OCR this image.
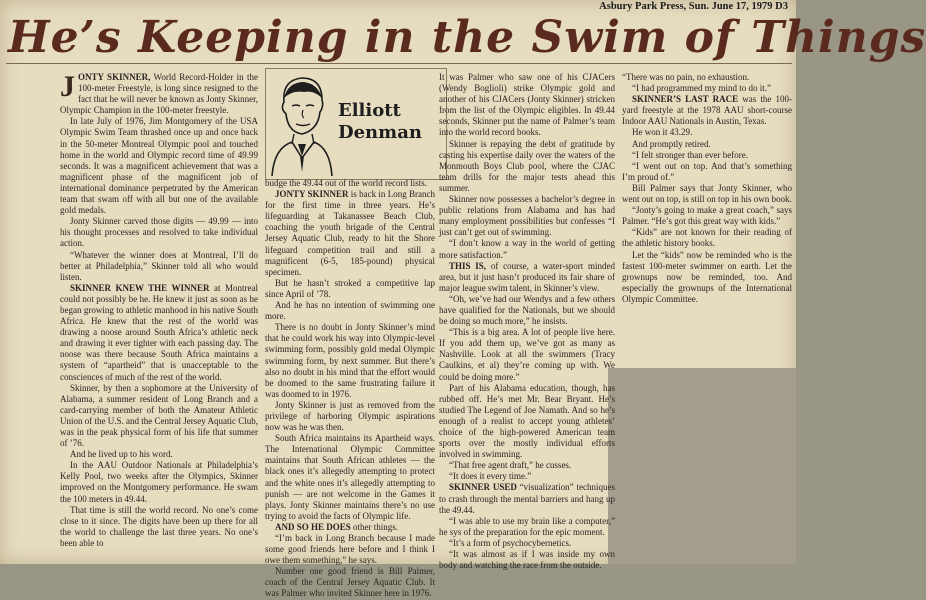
Asbury Park Press, Sun. June 17, 1979 D3
He’s Keeping in the Swim of Things

JONTY SKINNER, World Record-Holder in the 100-meter Freestyle, is long since resigned to the fact that he will never be known as Jonty Skinner, Olympic Champion in the 100-meter freestyle.

In late July of 1976, Jim Montgomery of the USA Olympic Swim Team thrashed once up and once back in the 50-meter Montreal Olympic pool and touched home in the world and Olympic record time of 49.99 seconds. It was a magnificent achievement that was a magnificent phase of the magnificent job of international dominance perpetrated by the American team that swam off with all but one of the available gold medals.

Jonty Skinner carved those digits — 49.99 — into his thought processes and resolved to take individual action.

“Whatever the winner does at Montreal, I’ll do better at Philadelphia,” Skinner told all who would listen.

SKINNER KNEW THE WINNER at Montreal could not possibly be he. He knew it just as soon as he began growing to athletic manhood in his native South Africa. He knew that the rest of the world was drawing a noose around South Africa’s athletic neck and drawing it ever tighter with each passing day. The noose was there because South Africa maintains a system of “apartheid” that is unacceptable to the consciences of much of the rest of the world.

Skinner, by then a sophomore at the University of Alabama, a summer resident of Long Branch and a card-carrying member of both the Amateur Athletic Union of the U.S. and the Central Jersey Aquatic Club, was in the peak physical form of his life that summer of ’76.

And he lived up to his word.

In the AAU Outdoor Nationals at Philadelphia’s Kelly Pool, two weeks after the Olympics, Skinner improved on the Montgomery performance. He swam the 100 meters in 49.44.

That time is still the world record. No one’s come close to it since. The digits have been up there for all the world to challenge the last three years. No one’s been able to

Elliott
Denman

budge the 49.44 out of the world record lists.

JONTY SKINNER is back in Long Branch for the first time in three years. He’s lifeguarding at Takanassee Beach Club, coaching the youth brigade of the Central Jersey Aquatic Club, ready to hit the Shore lifeguard competition trail and still a magnificent (6-5, 185-pound) physical specimen.

But he hasn’t stroked a competitive lap since April of ’78.

And he has no intention of swimming one more.

There is no doubt in Jonty Skinner’s mind that he could work his way into Olympic-level swimming form, possibly gold medal Olympic swimming form, by next summer. But there’s also no doubt in his mind that the effort would be doomed to the same frustrating failure it was doomed to in 1976.

Jonty Skinner is just as removed from the privilege of harboring Olympic aspirations now was he was then.

South Africa maintains its Apartheid ways. The International Olympic Committee maintains that South African athletes — the black ones it’s allegedly attempting to protect and the white ones it’s allegedly attempting to punish — are not welcome in the Games it plays. Jonty Skinner maintains there’s no use trying to avoid the facts of Olympic life.

AND SO HE DOES other things.

“I’m back in Long Branch because I made some good friends here before and I think I owe them something,” he says.

Number one good friend is Bill Palmer, coach of the Central Jersey Aquatic Club. It was Palmer who invited Skinner here in 1976.

It was Palmer who saw one of his CJACers (Wendy Boglioli) strike Olympic gold and another of his CJACers (Jonty Skinner) stricken from the list of the Olympic eligibles. In 49.44 seconds, Skinner put the name of Palmer’s team into the world record books.

Skinner is repaying the debt of gratitude by casting his expertise daily over the waters of the Monmouth Boys Club pool, where the CJAC team drills for the major tests ahead this summer.

Skinner now possesses a bachelor’s degree in public relations from Alabama and has had many employment possibilities but confesses “I just can’t get out of swimming.

“I don’t know a way in the world of getting more satisfaction.”

THIS IS, of course, a water-sport minded area, but it just hasn’t produced its fair share of major league swim talent, in Skinner’s view.

“Oh, we’ve had our Wendys and a few others have qualified for the Nationals, but we should be doing so much more,” he insists.

“This is a big area. A lot of people live here. If you add them up, we’ve got as many as Nashville. Look at all the swimmers (Tracy Caulkins, et al) they’re coming up with. We could be doing more.”

Part of his Alabama education, though, has rubbed off. He’s met Mr. Bear Bryant. He’s studied The Legend of Joe Namath. And so he’s enough of a realist to accept young athletes’ choice of the high-powered American team sports over the mostly individual efforts involved in swimming.

“That free agent draft,” he cusses.

“It does it every time.”

SKINNER USED “visualization” techniques to crash through the mental barriers and hang up the 49.44.

“I was able to use my brain like a computer,” he sys of the preparation for the epic moment.

“It’s a form of psychocybernetics.

“It was almost as if I was inside my own body and watching the race from the outside.

“There was no pain, no exhaustion.

“I had programmed my mind to do it.”

SKINNER’S LAST RACE was the 100-yard freestyle at the 1978 AAU short-course Indoor AAU Nationals in Austin, Texas.

He won it 43.29.

And promptly retired.

“I felt stronger than ever before.

“I went out on top. And that’s something I’m proud of.”

Bill Palmer says that Jonty Skinner, who went out on top, is still on top in his own book.

“Jonty’s going to make a great coach,” says Palmer. “He’s got this great way with kids.”

“Kids” are not known for their reading of the athletic history books.

Let the “kids” now be reminded who is the fastest 100-meter swimmer on earth. Let the grownups now be reminded, too. And especially the grownups of the International Olympic Committee.
